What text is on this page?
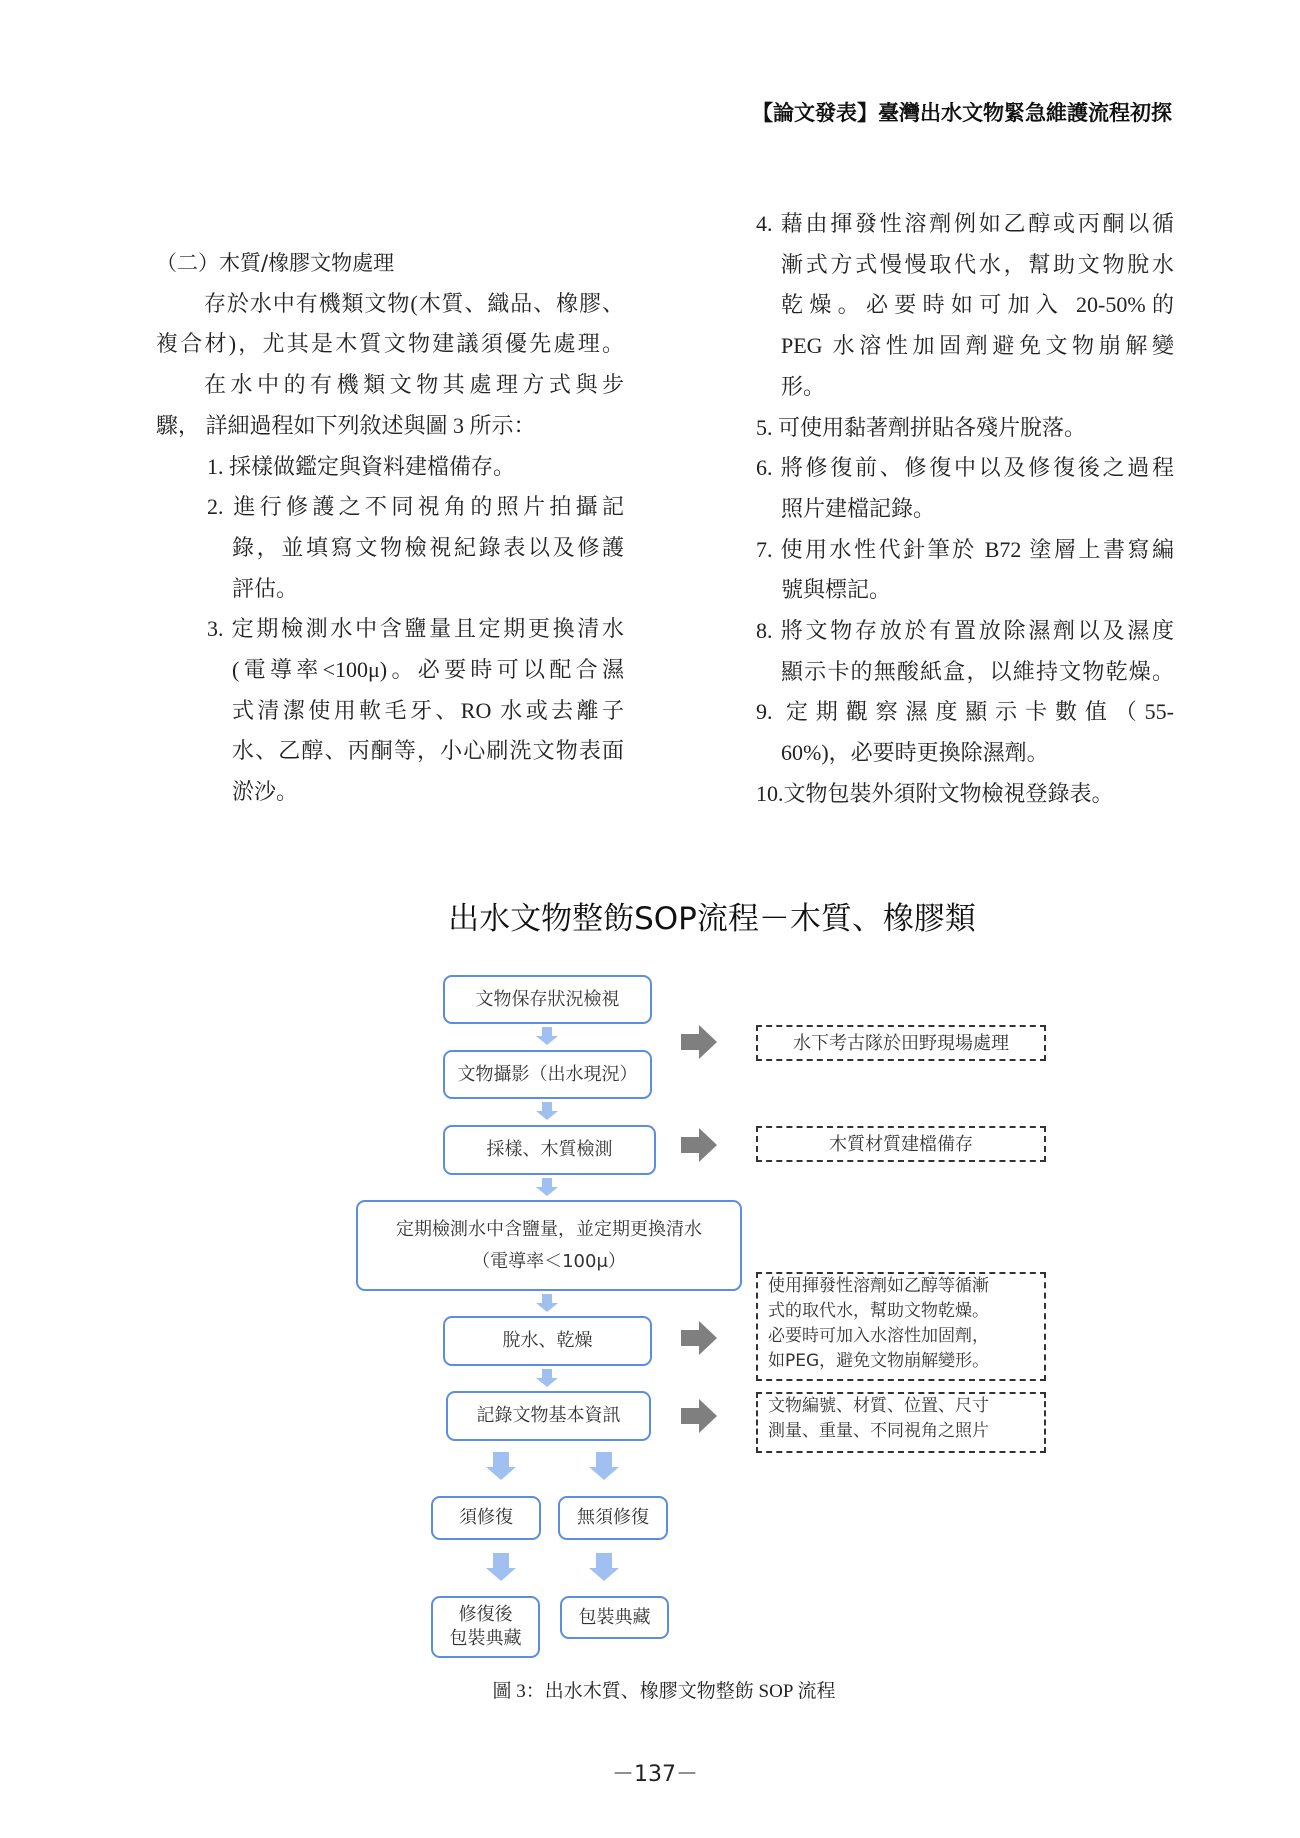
【論文發表】臺灣出水文物緊急維護流程初探
（二）木質/橡膠文物處理
存於水中有機類文物(木質、織品、橡膠、
複合材)，尤其是木質文物建議須優先處理。
在水中的有機類文物其處理方式與步
驟， 詳細過程如下列敘述與圖 3 所示：
1. 採樣做鑑定與資料建檔備存。
2. 進行修護之不同視角的照片拍攝記
錄，並填寫文物檢視紀錄表以及修護
評估。
3. 定期檢測水中含鹽量且定期更換清水
(電導率<100μ)。必要時可以配合濕
式清潔使用軟毛牙、RO 水或去離子
水、乙醇、丙酮等，小心刷洗文物表面
淤沙。
4. 藉由揮發性溶劑例如乙醇或丙酮以循
漸式方式慢慢取代水，幫助文物脫水
乾燥。必要時如可加入 20-50%的
PEG 水溶性加固劑避免文物崩解變
形。
5. 可使用黏著劑拼貼各殘片脫落。
6. 將修復前、修復中以及修復後之過程
照片建檔記錄。
7. 使用水性代針筆於 B72 塗層上書寫編
號與標記。
8. 將文物存放於有置放除濕劑以及濕度
顯示卡的無酸紙盒，以維持文物乾燥。
9. 定期觀察濕度顯示卡數值（55-
60%)，必要時更換除濕劑。
10.文物包裝外須附文物檢視登錄表。
出水文物整飭SOP流程－木質、橡膠類
文物保存狀況檢視
文物攝影（出水現況）
採樣、木質檢測
定期檢測水中含鹽量，並定期更換清水
（電導率＜100μ）
脫水、乾燥
記錄文物基本資訊
須修復	無須修復
修復後
包裝典藏
包裝典藏
水下考古隊於田野現場處理
木質材質建檔備存
使用揮發性溶劑如乙醇等循漸
式的取代水，幫助文物乾燥。
必要時可加入水溶性加固劑，
如PEG，避免文物崩解變形。
文物編號、材質、位置、尺寸
測量、重量、不同視角之照片
圖 3：出水木質、橡膠文物整飭 SOP 流程
－137－
